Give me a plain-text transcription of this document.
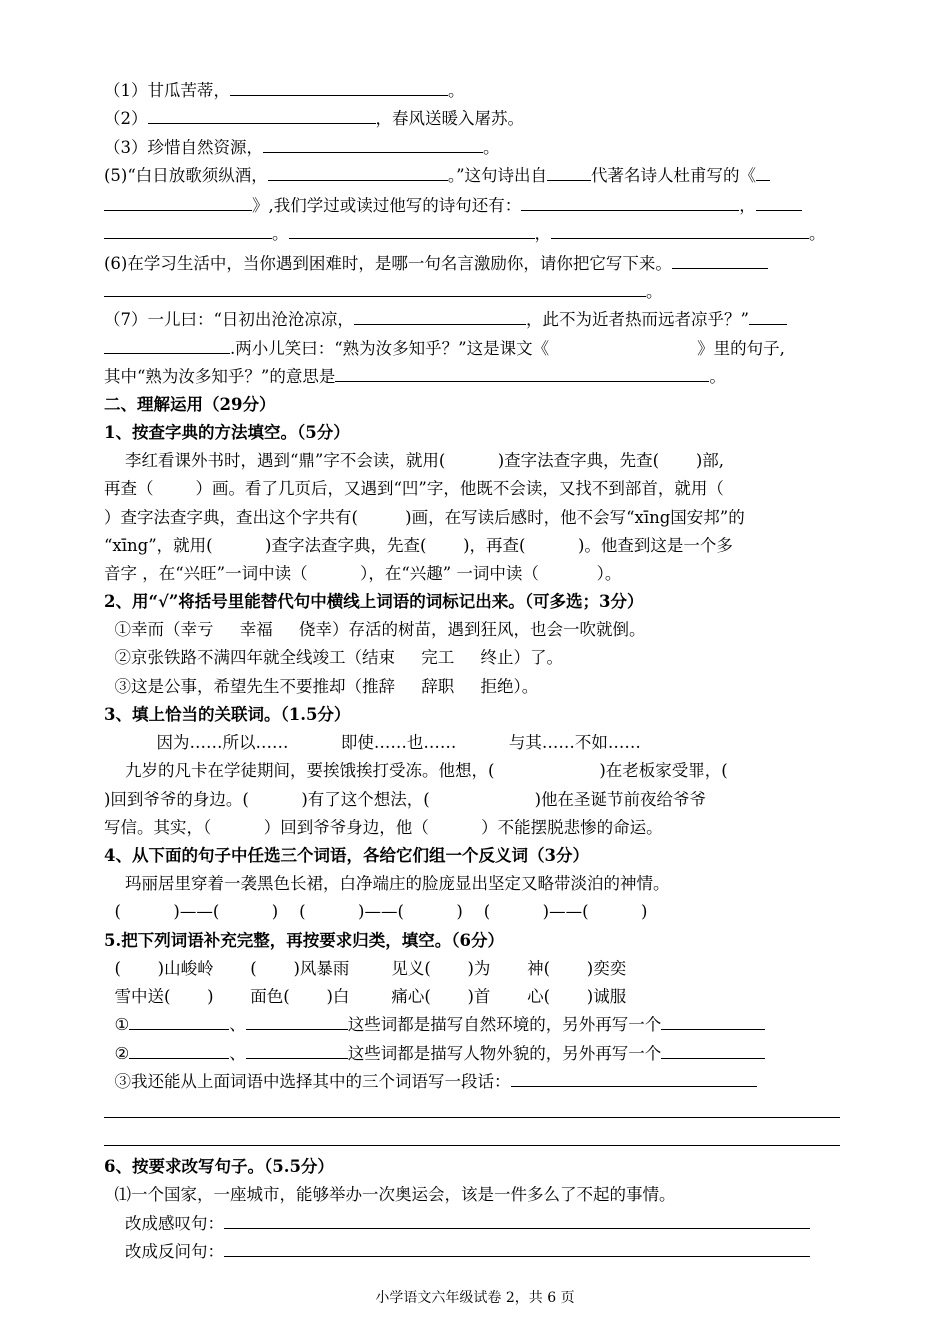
（1）甘瓜苦蒂，	。
（2）	，春风送暖入屠苏。
（3）珍惜自然资源，	。
(5)“白日放歌须纵酒，	。”这句诗出自	代著名诗人杜甫写的《
》,我们学过或读过他写的诗句还有：	，
。	，	。
(6)在学习生活中，当你遇到困难时，是哪一句名言激励你，请你把它写下来。
。
（7）一儿曰：“日初出沧沧凉凉，	，此不为近者热而远者凉乎？”
.两小儿笑曰：“熟为汝多知乎？”这是课文《	》里的句子,
其中“熟为汝多知乎？”的意思是	。
二、理解运用（29分）
1、按查字典的方法填空。（5分）
李红看课外书时，遇到“鼎”字不会读，就用(          )查字法查字典，先查(       )部,
再查（        ）画。看了几页后，又遇到“凹”字，他既不会读，又找不到部首，就用（
）查字法查字典，查出这个字共有(         )画，在写读后感时，他不会写“xīng国安邦”的
“xīng”，就用(          )查字法查字典，先查(       )，再查(          )。他查到这是一个多
音字 ，在“兴旺”一词中读（          ），在“兴趣” 一词中读（           ）。
2、用“√”将括号里能替代句中横线上词语的词标记出来。（可多选；3分）
①幸而（幸亏     幸福     侥幸）存活的树苗，遇到狂风，也会一吹就倒。
②京张铁路不满四年就全线竣工（结束     完工     终止）了。
③这是公事，希望先生不要推却（推辞     辞职     拒绝）。
3、填上恰当的关联词。（1.5分）
因为……所以……          即使……也……          与其……不如……
九岁的凡卡在学徒期间，要挨饿挨打受冻。他想，(                    )在老板家受罪，(
)回到爷爷的身边。(          )有了这个想法，(                    )他在圣诞节前夜给爷爷
写信。其实，（          ）回到爷爷身边，他（          ）不能摆脱悲惨的命运。
4、从下面的句子中任选三个词语，各给它们组一个反义词（3分）
玛丽居里穿着一袭黑色长裙，白净端庄的脸庞显出坚定又略带淡泊的神情。
(          )——(          )    (          )——(          )    (          )——(          )
5.把下列词语补充完整，再按要求归类，填空。（6分）
(       )山峻岭       (       )风暴雨        见义(       )为       神(       )奕奕
雪中送(       )       面色(       )白        痛心(       )首       心(       )诚服
①	、	这些词都是描写自然环境的，另外再写一个
②	、	这些词都是描写人物外貌的，另外再写一个
③我还能从上面词语中选择其中的三个词语写一段话：
6、按要求改写句子。（5.5分）
⑴一个国家，一座城市，能够举办一次奥运会，该是一件多么了不起的事情。
改成感叹句：
改成反问句：
小学语文六年级试卷 2，共 6 页
